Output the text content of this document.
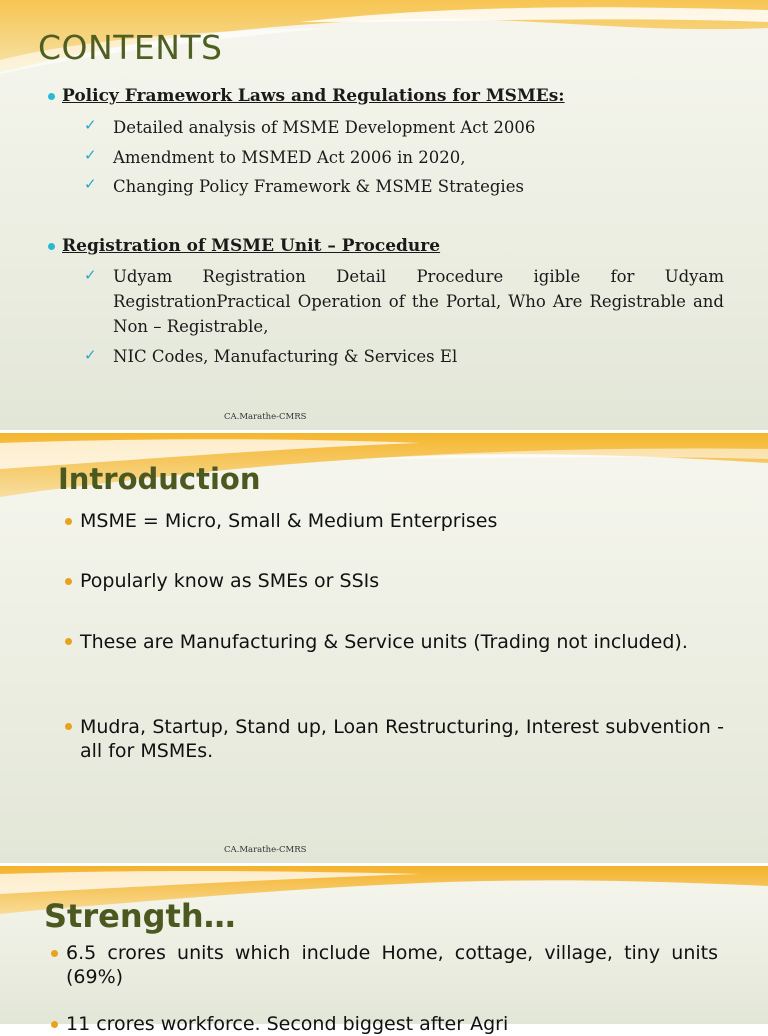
CONTENTS
Policy Framework Laws and Regulations for MSMEs:
✓ Detailed analysis of MSME Development Act 2006
✓ Amendment to MSMED Act 2006 in 2020,
✓ Changing Policy Framework & MSME Strategies
Registration of MSME Unit – Procedure
✓ Udyam Registration Detail Procedure igible for Udyam RegistrationPractical Operation of the Portal, Who Are Registrable and Non – Registrable,
✓ NIC Codes, Manufacturing & Services El
CA.Marathe-CMRS
Introduction
MSME = Micro, Small & Medium Enterprises
Popularly know as SMEs or SSIs
These are Manufacturing & Service units (Trading not included).
Mudra, Startup, Stand up, Loan Restructuring, Interest subvention - all for MSMEs.
CA.Marathe-CMRS
Strength…
6.5 crores units which include Home, cottage, village, tiny units (69%)
11 crores workforce. Second biggest after Agri
